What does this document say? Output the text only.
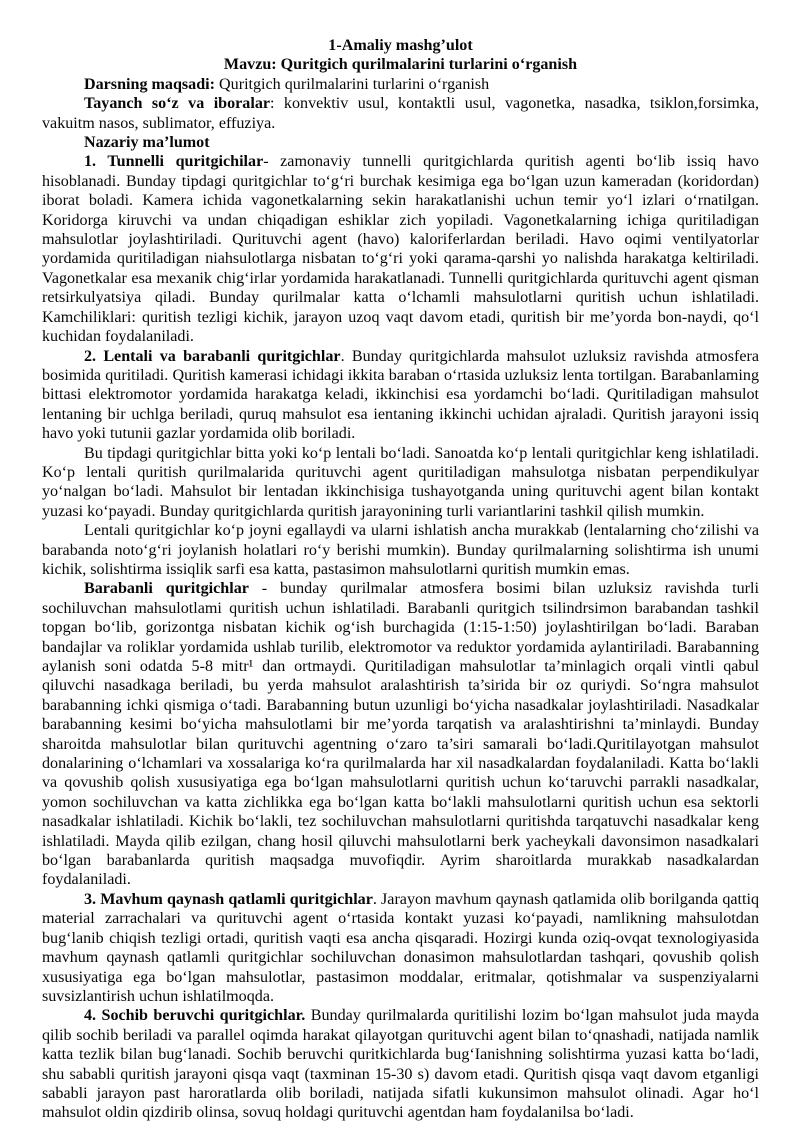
1-Amaliy mashg’ulot

Mavzu: Quritgich qurilmalarini turlarini o‘rganish

Darsning maqsadi: Quritgich qurilmalarini turlarini o‘rganish

Tayanch so‘z va iboralar: konvektiv usul, kontaktli usul, vagonetka, nasadka, tsiklon,forsimka, vakuitm nasos, sublimator, effuziya.

Nazariy ma’lumot

1. Tunnelli quritgichilar- zamonaviy tunnelli quritgichlarda quritish agenti bo‘lib issiq havo hisoblanadi. Bunday tipdagi quritgichlar to‘g‘ri burchak kesimiga ega bo‘lgan uzun kameradan (koridordan) iborat boladi. Kamera ichida vagonetkalarning sekin harakatlanishi uchun temir yo‘l izlari o‘rnatilgan. Koridorga kiruvchi va undan chiqadigan eshiklar zich yopiladi. Vagonetkalarning ichiga quritiladigan mahsulotlar joylashtiriladi. Qurituvchi agent (havo) kaloriferlardan beriladi. Havo oqimi ventilyatorlar yordamida quritiladigan niahsulotlarga nisbatan to‘g‘ri yoki qarama-qarshi yo nalishda harakatga keltiriladi. Vagonetkalar esa mexanik chig‘irlar yordamida harakatlanadi. Tunnelli quritgichlarda qurituvchi agent qisman retsirkulyatsiya qiladi. Bunday qurilmalar katta o‘lchamli mahsulotlarni quritish uchun ishlatiladi. Kamchiliklari: quritish tezligi kichik, jarayon uzoq vaqt davom etadi, quritish bir me’yorda bon-naydi, qo‘l kuchidan foydalaniladi.

2. Lentali va barabanli quritgichlar. Bunday quritgichlarda mahsulot uzluksiz ravishda atmosfera bosimida quritiladi. Quritish kamerasi ichidagi ikkita baraban o‘rtasida uzluksiz lenta tortilgan. Barabanlaming bittasi elektromotor yordamida harakatga keladi, ikkinchisi esa yordamchi bo‘ladi. Quritiladigan mahsulot lentaning bir uchlga beriladi, quruq mahsulot esa ientaning ikkinchi uchidan ajraladi. Quritish jarayoni issiq havo yoki tutunii gazlar yordamida olib boriladi.

Bu tipdagi quritgichlar bitta yoki ko‘p lentali bo‘ladi. Sanoatda ko‘p lentali quritgichlar keng ishlatiladi. Ko‘p lentali quritish qurilmalarida qurituvchi agent quritiladigan mahsulotga nisbatan perpendikulyar yo‘nalgan bo‘ladi. Mahsulot bir lentadan ikkinchisiga tushayotganda uning qurituvchi agent bilan kontakt yuzasi ko‘payadi. Bunday quritgichlarda quritish jarayonining turli variantlarini tashkil qilish mumkin.

Lentali quritgichlar ko‘p joyni egallaydi va ularni ishlatish ancha murakkab (lentalarning cho‘zilishi va barabanda noto‘g‘ri joylanish holatlari ro‘y berishi mumkin). Bunday qurilmalarning solishtirma ish unumi kichik, solishtirma issiqlik sarfi esa katta, pastasimon mahsulotlarni quritish mumkin emas.

Barabanli quritgichlar - bunday qurilmalar atmosfera bosimi bilan uzluksiz ravishda turli sochiluvchan mahsulotlami quritish uchun ishlatiladi. Barabanli quritgich tsilindrsimon barabandan tashkil topgan bo‘lib, gorizontga nisbatan kichik og‘ish burchagida (1:15-1:50) joylashtirilgan bo‘ladi. Baraban bandajlar va roliklar yordamida ushlab turilib, elektromotor va reduktor yordamida aylantiriladi. Barabanning aylanish soni odatda 5-8 mitr¹ dan ortmaydi. Quritiladigan mahsulotlar ta’minlagich orqali vintli qabul qiluvchi nasadkaga beriladi, bu yerda mahsulot aralashtirish ta’sirida bir oz quriydi. So‘ngra mahsulot barabanning ichki qismiga o‘tadi. Barabanning butun uzunligi bo‘yicha nasadkalar joylashtiriladi. Nasadkalar barabanning kesimi bo‘yicha mahsulotlami bir me’yorda tarqatish va aralashtirishni ta’minlaydi. Bunday sharoitda mahsulotlar bilan qurituvchi agentning o‘zaro ta’siri samarali bo‘ladi.Quritilayotgan mahsulot donalarining o‘lchamlari va xossalariga ko‘ra qurilmalarda har xil nasadkalardan foydalaniladi. Katta bo‘lakli va qovushib qolish xususiyatiga ega bo‘lgan mahsulotlarni quritish uchun ko‘taruvchi parrakli nasadkalar, yomon sochiluvchan va katta zichlikka ega bo‘lgan katta bo‘lakli mahsulotlarni quritish uchun esa sektorli nasadkalar ishlatiladi. Kichik bo‘lakli, tez sochiluvchan mahsulotlarni quritishda tarqatuvchi nasadkalar keng ishlatiladi. Mayda qilib ezilgan, chang hosil qiluvchi mahsulotlarni berk yacheykali davonsimon nasadkalari bo‘lgan barabanlarda quritish maqsadga muvofiqdir. Ayrim sharoitlarda murakkab nasadkalardan foydalaniladi.

3. Mavhum qaynash qatlamli quritgichlar. Jarayon mavhum qaynash qatlamida olib borilganda qattiq material zarrachalari va qurituvchi agent o‘rtasida kontakt yuzasi ko‘payadi, namlikning mahsulotdan bug‘lanib chiqish tezligi ortadi, quritish vaqti esa ancha qisqaradi. Hozirgi kunda oziq-ovqat texnologiyasida mavhum qaynash qatlamli quritgichlar sochiluvchan donasimon mahsulotlardan tashqari, qovushib qolish xususiyatiga ega bo‘lgan mahsulotlar, pastasimon moddalar, eritmalar, qotishmalar va suspenziyalarni suvsizlantirish uchun ishlatilmoqda.

4. Sochib beruvchi quritgichlar. Bunday qurilmalarda quritilishi lozim bo‘lgan mahsulot juda mayda qilib sochib beriladi va parallel oqimda harakat qilayotgan qurituvchi agent bilan to‘qnashadi, natijada namlik katta tezlik bilan bug‘lanadi. Sochib beruvchi quritkichlarda bug‘Ianishning solishtirma yuzasi katta bo‘ladi, shu sababli quritish jarayoni qisqa vaqt (taxminan 15-30 s) davom etadi. Quritish qisqa vaqt davom etganligi sababli jarayon past haroratlarda olib boriladi, natijada sifatli kukunsimon mahsulot olinadi. Agar ho‘l mahsulot oldin qizdirib olinsa, sovuq holdagi qurituvchi agentdan ham foydalanilsa bo‘ladi.
